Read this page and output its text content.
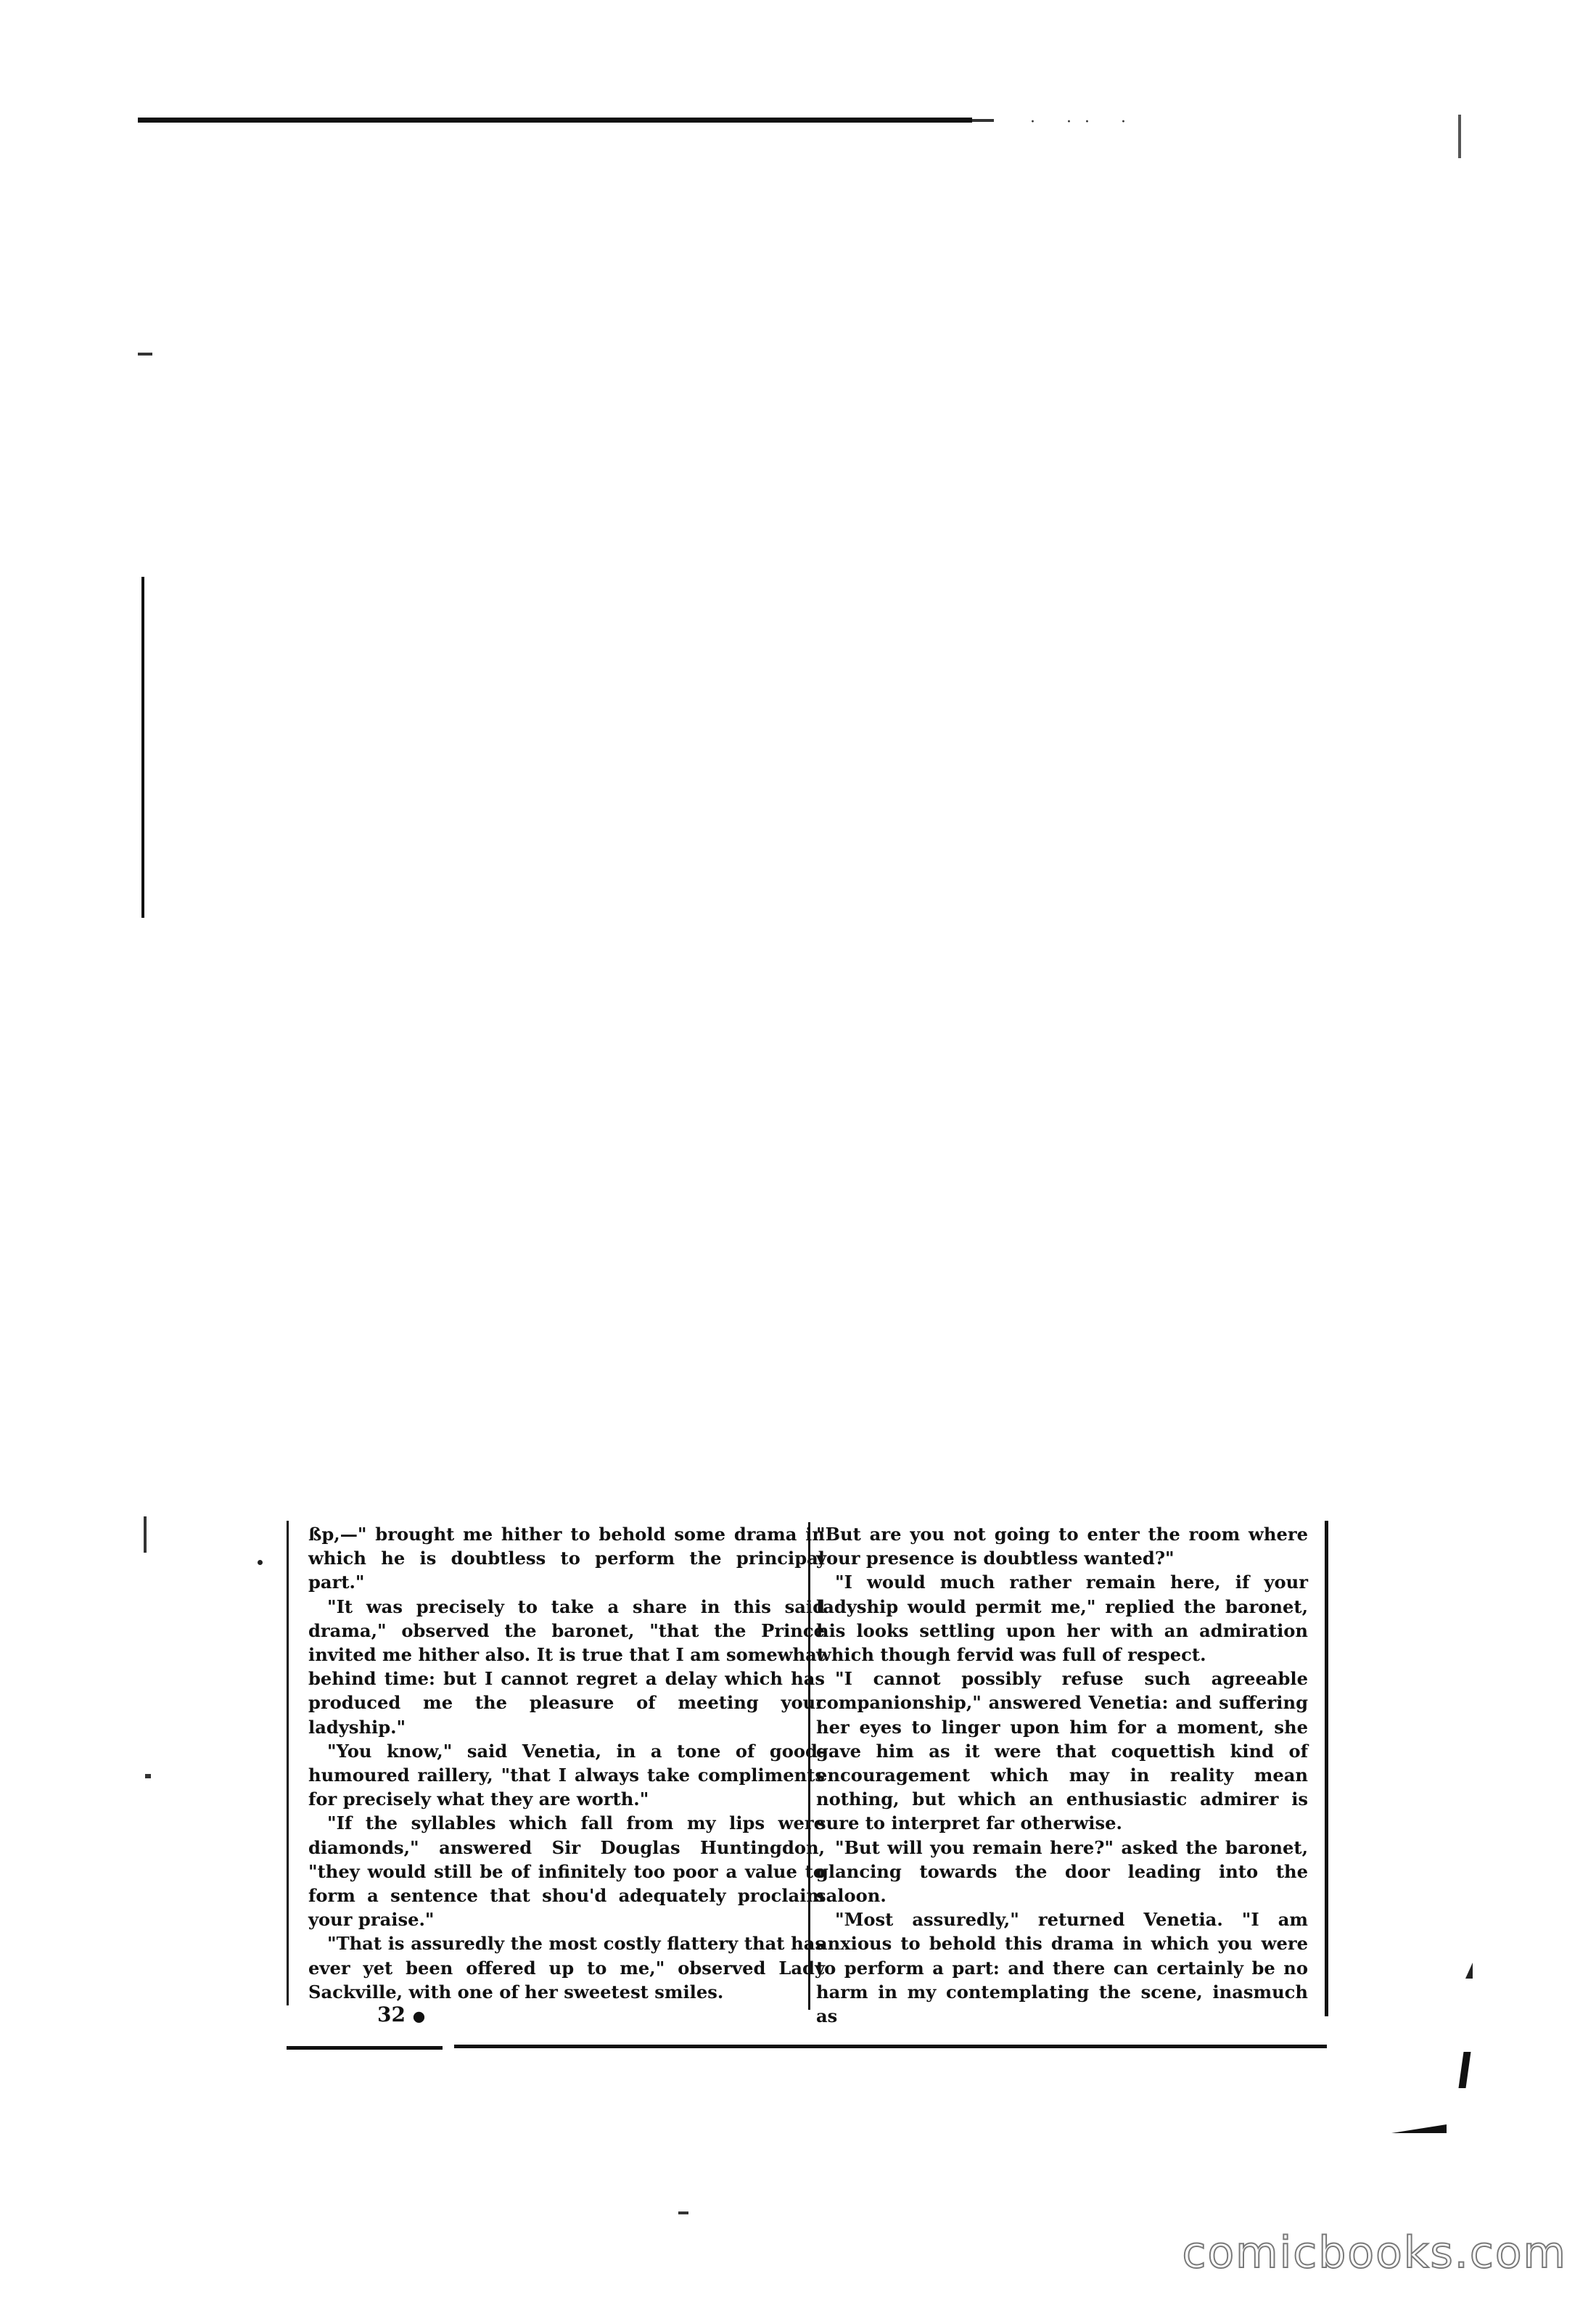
· ·· ·

ßp,—" brought me hither to behold some drama in which he is doubtless to perform the principal part."

"It was precisely to take a share in this said drama," observed the baronet, "that the Prince invited me hither also. It is true that I am somewhat behind time: but I cannot regret a delay which has produced me the pleasure of meeting your ladyship."

"You know," said Venetia, in a tone of good-humoured raillery, "that I always take compliments for precisely what they are worth."

"If the syllables which fall from my lips were diamonds," answered Sir Douglas Huntingdon, "they would still be of infinitely too poor a value to form a sentence that shou'd adequately proclaim your praise."

"That is assuredly the most costly flattery that has ever yet been offered up to me," observed Lady Sackville, with one of her sweetest smiles.

"But are you not going to enter the room where your presence is doubtless wanted?"

"I would much rather remain here, if your ladyship would permit me," replied the baronet, his looks settling upon her with an admiration which though fervid was full of respect.

"I cannot possibly refuse such agreeable companionship," answered Venetia: and suffering her eyes to linger upon him for a moment, she gave him as it were that coquettish kind of encouragement which may in reality mean nothing, but which an enthusiastic admirer is sure to interpret far otherwise.

"But will you remain here?" asked the baronet, glancing towards the door leading into the saloon.

"Most assuredly," returned Venetia. "I am anxious to behold this drama in which you were to perform a part: and there can certainly be no harm in my contemplating the scene, inasmuch as

32 ●
comicbooks.com
